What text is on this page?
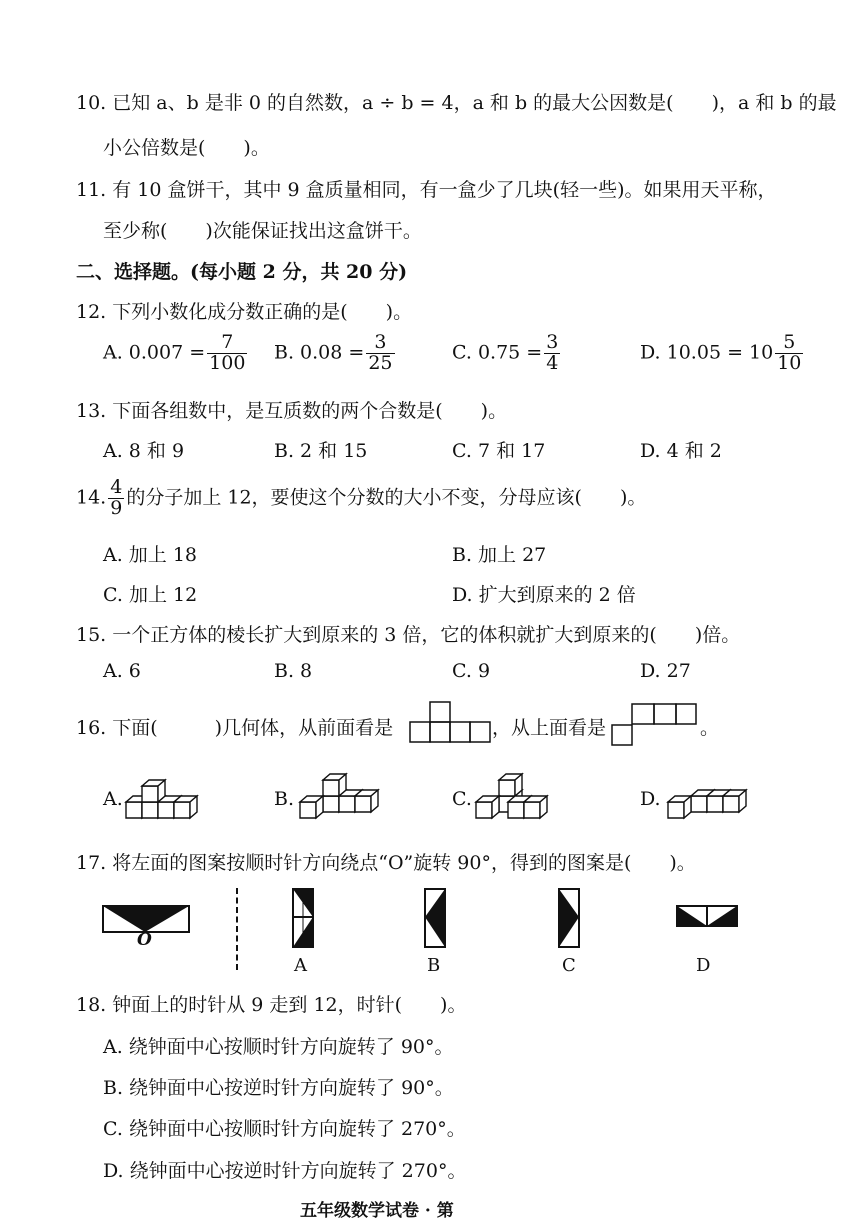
10. 已知 a、b 是非 0 的自然数，a ÷ b = 4，a 和 b 的最大公因数是(　　)，a 和 b 的最
小公倍数是(　　)。
11. 有 10 盒饼干，其中 9 盒质量相同，有一盒少了几块(轻一些)。如果用天平称，
至少称(　　)次能保证找出这盒饼干。
二、选择题。(每小题 2 分，共 20 分)
12. 下列小数化成分数正确的是(　　)。
A. $0.007 = \frac{7}{100} B$. $0.08 = \frac{3}{25}$	C. $0.75 = \frac{3}{4}$	D. $10.05 = 10 \frac{5}{10}$
13. 下面各组数中，是互质数的两个合数是(　　)。
A. 8 和 9	B. 2 和 15	C. 7 和 17	D. 4 和 2
14. $\frac{4}{9}$ 的分子加上 12，要使这个分数的大小不变，分母应该(　　)。
A. 加上 18	B. 加上 27
C. 加上 12	D. 扩大到原来的 2 倍
15. 一个正方体的棱长扩大到原来的 3 倍，它的体积就扩大到原来的(　　)倍。
A. 6	B. 8	C. 9	D. 27
16. 下面(　　　)几何体，从前面看是	，从上面看是	。
A.	B.	C.	D.
17. 将左面的图案按顺时针方向绕点“O”旋转 90°，得到的图案是(　　)。
O
A	B	C	D
18. 钟面上的时针从 9 走到 12，时针(　　)。
A. 绕钟面中心按顺时针方向旋转了 90°。
B. 绕钟面中心按逆时针方向旋转了 90°。
C. 绕钟面中心按顺时针方向旋转了 270°。
D. 绕钟面中心按逆时针方向旋转了 270°。
五年级数学试卷 · 第
